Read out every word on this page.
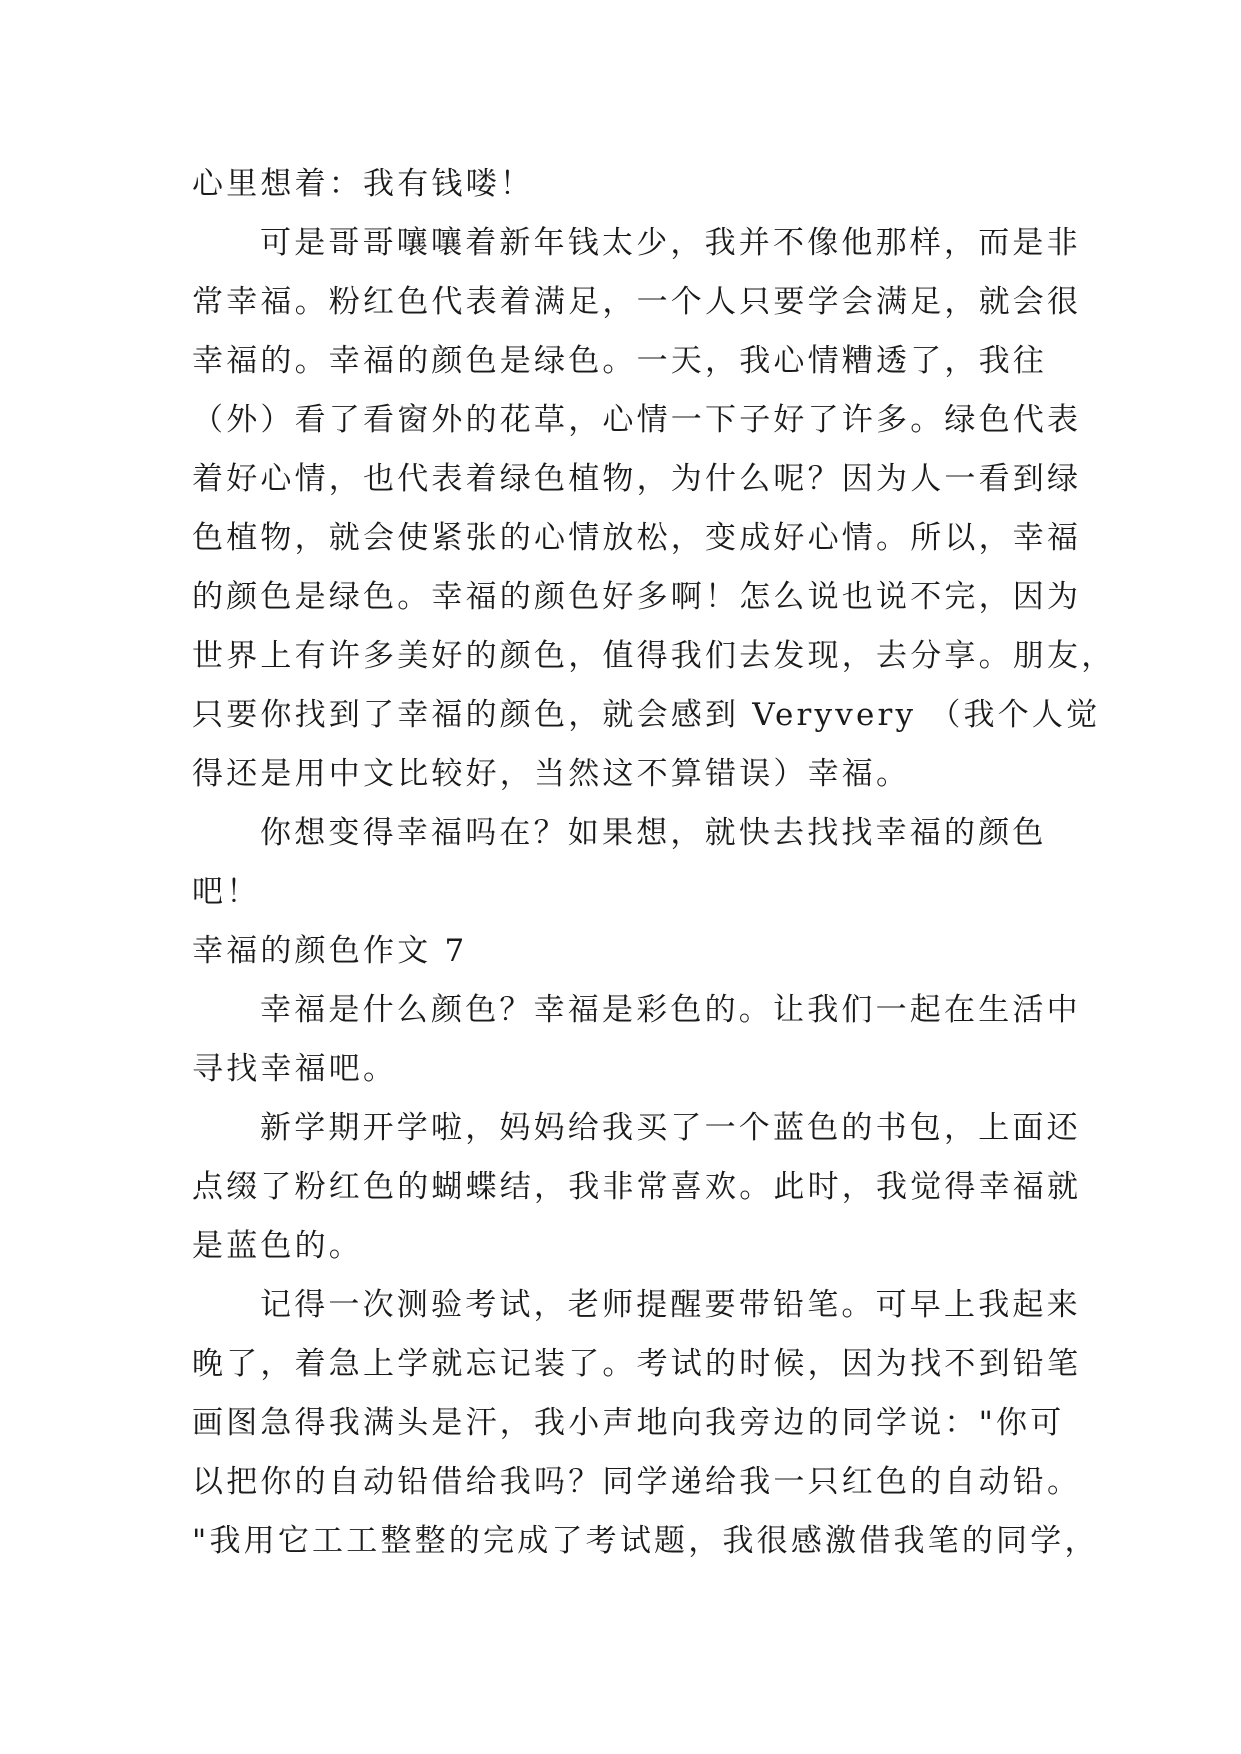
心里想着：我有钱喽！
可是哥哥嚷嚷着新年钱太少，我并不像他那样，而是非
常幸福。粉红色代表着满足，一个人只要学会满足，就会很
幸福的。幸福的颜色是绿色。一天，我心情糟透了，我往
（外）看了看窗外的花草，心情一下子好了许多。绿色代表
着好心情，也代表着绿色植物，为什么呢？因为人一看到绿
色植物，就会使紧张的心情放松，变成好心情。所以，幸福
的颜色是绿色。幸福的颜色好多啊！怎么说也说不完，因为
世界上有许多美好的颜色，值得我们去发现，去分享。朋友，
只要你找到了幸福的颜色，就会感到 Veryvery （我个人觉
得还是用中文比较好，当然这不算错误）幸福。
你想变得幸福吗在？如果想，就快去找找幸福的颜色
吧！
幸福的颜色作文 7
幸福是什么颜色？幸福是彩色的。让我们一起在生活中
寻找幸福吧。
新学期开学啦，妈妈给我买了一个蓝色的书包，上面还
点缀了粉红色的蝴蝶结，我非常喜欢。此时，我觉得幸福就
是蓝色的。
记得一次测验考试，老师提醒要带铅笔。可早上我起来
晚了，着急上学就忘记装了。考试的时候，因为找不到铅笔
画图急得我满头是汗，我小声地向我旁边的同学说："你可
以把你的自动铅借给我吗？同学递给我一只红色的自动铅。
"我用它工工整整的完成了考试题，我很感激借我笔的同学，
